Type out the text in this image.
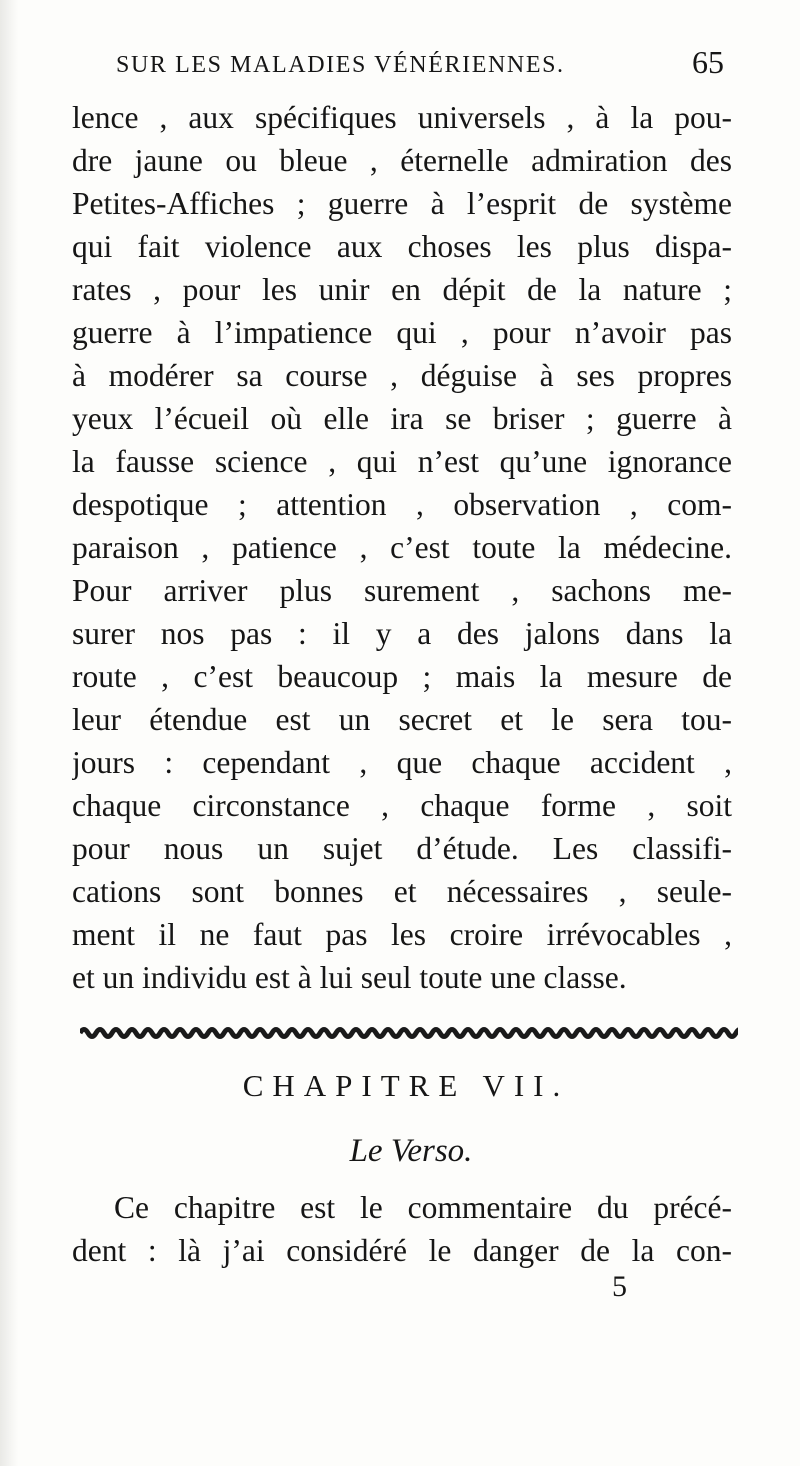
SUR LES MALADIES VÉNÉRIENNES.	65
lence , aux spécifiques universels , à la pou-
dre jaune ou bleue , éternelle admiration des
Petites-Affiches ; guerre à l’esprit de système
qui fait violence aux choses les plus dispa-
rates , pour les unir en dépit de la nature ;
guerre à l’impatience qui , pour n’avoir pas
à modérer sa course , déguise à ses propres
yeux l’écueil où elle ira se briser ; guerre à
la fausse science , qui n’est qu’une ignorance
despotique ; attention , observation , com-
paraison , patience , c’est toute la médecine.
Pour arriver plus surement , sachons me-
surer nos pas : il y a des jalons dans la
route , c’est beaucoup ; mais la mesure de
leur étendue est un secret et le sera tou-
jours : cependant , que chaque accident ,
chaque circonstance , chaque forme , soit
pour nous un sujet d’étude. Les classifi-
cations sont bonnes et nécessaires , seule-
ment il ne faut pas les croire irrévocables ,
et un individu est à lui seul toute une classe.
CHAPITRE VII.
Le Verso.
Ce chapitre est le commentaire du précé-
dent : là j’ai considéré le danger de la con-
5
